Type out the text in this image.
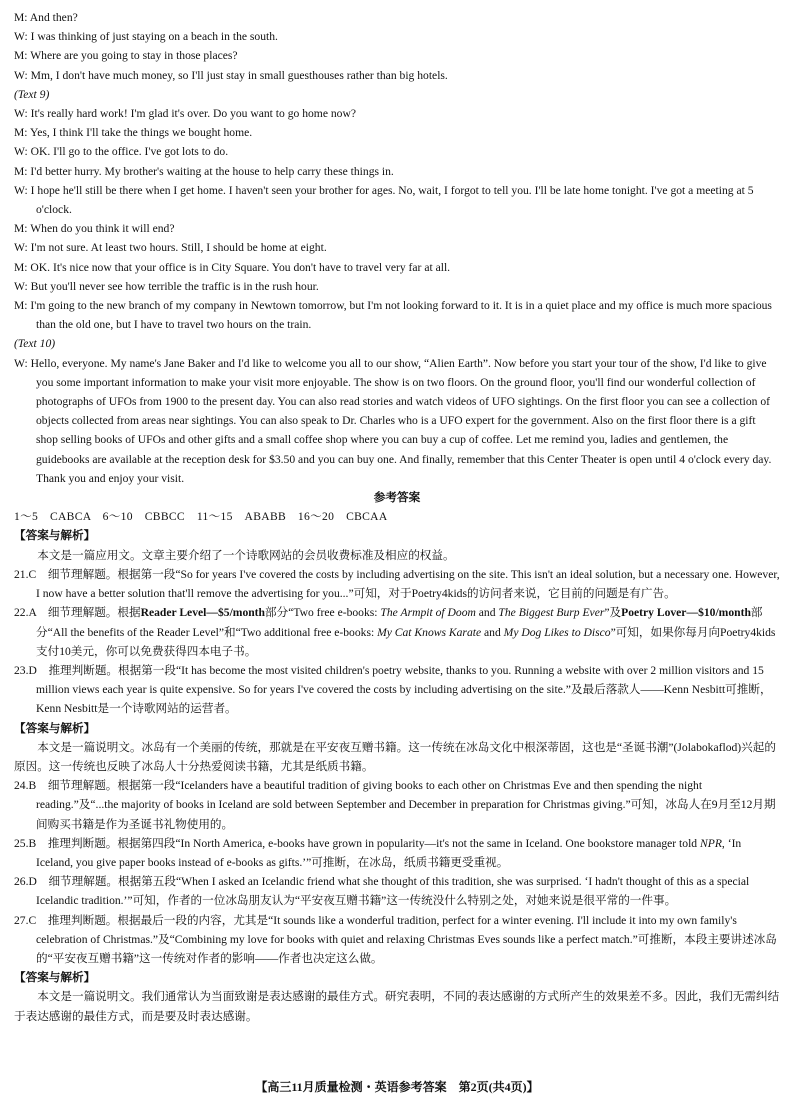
M: And then?

W: I was thinking of just staying on a beach in the south.

M: Where are you going to stay in those places?

W: Mm, I don't have much money, so I'll just stay in small guesthouses rather than big hotels.

(Text 9)

W: It's really hard work! I'm glad it's over. Do you want to go home now?

M: Yes, I think I'll take the things we bought home.

W: OK. I'll go to the office. I've got lots to do.

M: I'd better hurry. My brother's waiting at the house to help carry these things in.

W: I hope he'll still be there when I get home. I haven't seen your brother for ages. No, wait, I forgot to tell you. I'll be late home tonight. I've got a meeting at 5 o'clock.

M: When do you think it will end?

W: I'm not sure. At least two hours. Still, I should be home at eight.

M: OK. It's nice now that your office is in City Square. You don't have to travel very far at all.

W: But you'll never see how terrible the traffic is in the rush hour.

M: I'm going to the new branch of my company in Newtown tomorrow, but I'm not looking forward to it. It is in a quiet place and my office is much more spacious than the old one, but I have to travel two hours on the train.

(Text 10)

W: Hello, everyone. My name's Jane Baker and I'd like to welcome you all to our show, “Alien Earth”. Now before you start your tour of the show, I'd like to give you some important information to make your visit more enjoyable. The show is on two floors. On the ground floor, you'll find our wonderful collection of photographs of UFOs from 1900 to the present day. You can also read stories and watch videos of UFO sightings. On the first floor you can see a collection of objects collected from areas near sightings. You can also speak to Dr. Charles who is a UFO expert for the government. Also on the first floor there is a gift shop selling books of UFOs and other gifts and a small coffee shop where you can buy a cup of coffee. Let me remind you, ladies and gentlemen, the guidebooks are available at the reception desk for $3.50 and you can buy one. And finally, remember that this Center Theater is open until 4 o'clock every day. Thank you and enjoy your visit.

参考答案

1～5　CABCA　6～10　CBBCC　11～15　ABABB　16～20　CBCAA

【答案与解析】

本文是一篇应用文。文章主要介绍了一个诗歌网站的会员收费标准及相应的权益。

21.C　细节理解题。根据第一段“So for years I've covered the costs by including advertising on the site. This isn't an ideal solution, but a necessary one. However, I now have a better solution that'll remove the advertising for you...”可知，对于Poetry4kids的访问者来说，它目前的问题是有广告。

22.A　细节理解题。根据Reader Level—$5/month部分“Two free e-books: The Armpit of Doom and The Biggest Burp Ever”及Poetry Lover—$10/month部分“All the benefits of the Reader Level”和“Two additional free e-books: My Cat Knows Karate and My Dog Likes to Disco”可知，如果你每月向Poetry4kids支付10美元，你可以免费获得四本电子书。

23.D　推理判断题。根据第一段“It has become the most visited children's poetry website, thanks to you. Running a website with over 2 million visitors and 15 million views each year is quite expensive. So for years I've covered the costs by including advertising on the site.”及最后落款人——Kenn Nesbitt可推断，Kenn Nesbitt是一个诗歌网站的运营者。

【答案与解析】

本文是一篇说明文。冰岛有一个美丽的传统，那就是在平安夜互赠书籍。这一传统在冰岛文化中根深蒂固，这也是“圣诞书潮”(Jolabokaflod)兴起的原因。这一传统也反映了冰岛人十分热爱阅读书籍，尤其是纸质书籍。

24.B　细节理解题。根据第一段“Icelanders have a beautiful tradition of giving books to each other on Christmas Eve and then spending the night reading.”及“...the majority of books in Iceland are sold between September and December in preparation for Christmas giving.”可知，冰岛人在9月至12月期间购买书籍是作为圣诞书礼物使用的。

25.B　推理判断题。根据第四段“In North America, e-books have grown in popularity—it's not the same in Iceland. One bookstore manager told NPR, ‘In Iceland, you give paper books instead of e-books as gifts.’”可推断，在冰岛，纸质书籍更受重视。

26.D　细节理解题。根据第五段“When I asked an Icelandic friend what she thought of this tradition, she was surprised. ‘I hadn't thought of this as a special Icelandic tradition.’”可知，作者的一位冰岛朋友认为“平安夜互赠书籍”这一传统没什么特别之处，对她来说是很平常的一件事。

27.C　推理判断题。根据最后一段的内容，尤其是“It sounds like a wonderful tradition, perfect for a winter evening. I'll include it into my own family's celebration of Christmas.”及“Combining my love for books with quiet and relaxing Christmas Eves sounds like a perfect match.”可推断，本段主要讲述冰岛的“平安夜互赠书籍”这一传统对作者的影响——作者也决定这么做。

【答案与解析】

本文是一篇说明文。我们通常认为当面致谢是表达感谢的最佳方式。研究表明，不同的表达感谢的方式所产生的效果差不多。因此，我们无需纠结于表达感谢的最佳方式，而是要及时表达感谢。

【高三11月质量检测・英语参考答案　第2页(共4页)】
